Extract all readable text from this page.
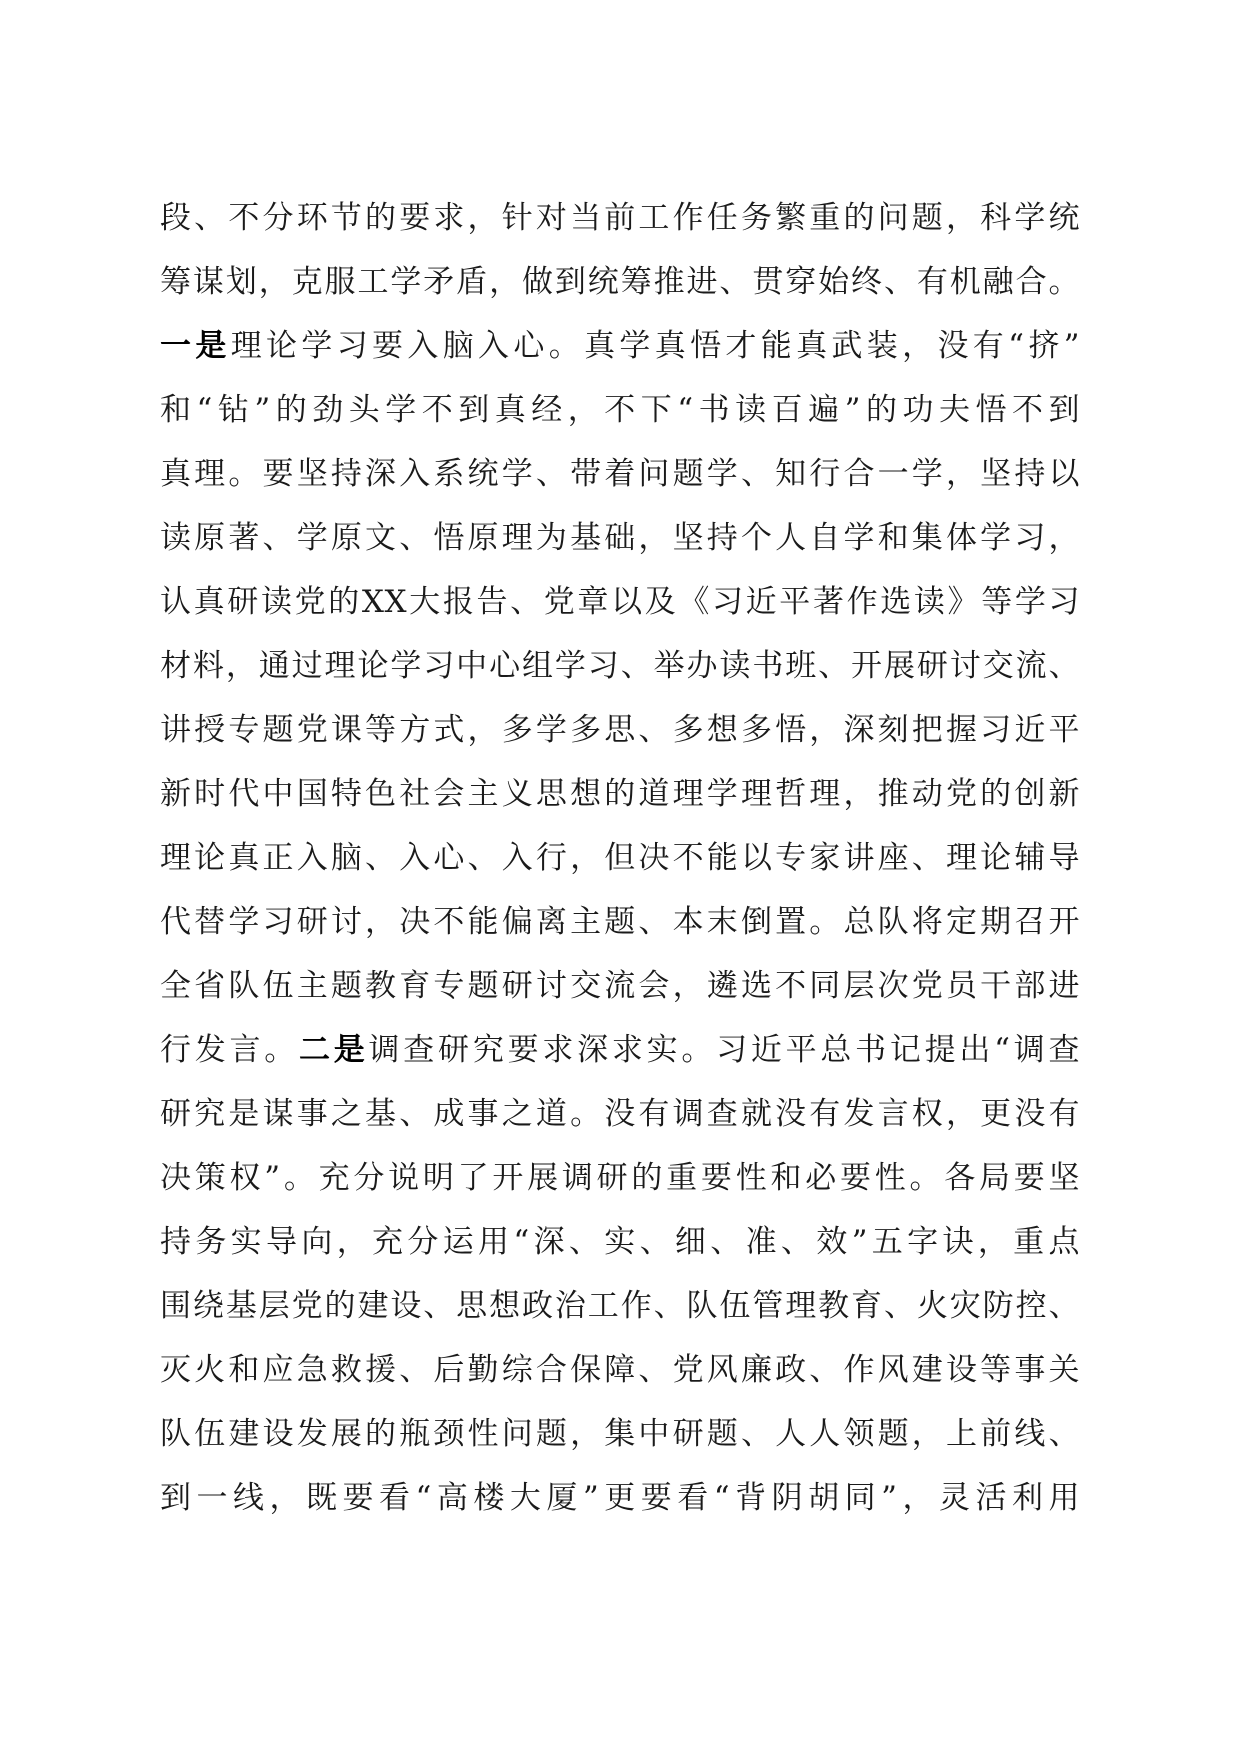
段、不分环节的要求，针对当前工作任务繁重的问题，科学统
筹谋划，克服工学矛盾，做到统筹推进、贯穿始终、有机融合。
一是理论学习要入脑入心。真学真悟才能真武装，没有“挤”
和“钻”的劲头学不到真经，不下“书读百遍”的功夫悟不到
真理。要坚持深入系统学、带着问题学、知行合一学，坚持以
读原著、学原文、悟原理为基础，坚持个人自学和集体学习，
认真研读党的XX大报告、党章以及《习近平著作选读》等学习
材料，通过理论学习中心组学习、举办读书班、开展研讨交流、
讲授专题党课等方式，多学多思、多想多悟，深刻把握习近平
新时代中国特色社会主义思想的道理学理哲理，推动党的创新
理论真正入脑、入心、入行，但决不能以专家讲座、理论辅导
代替学习研讨，决不能偏离主题、本末倒置。总队将定期召开
全省队伍主题教育专题研讨交流会，遴选不同层次党员干部进
行发言。二是调查研究要求深求实。习近平总书记提出“调查
研究是谋事之基、成事之道。没有调查就没有发言权，更没有
决策权”。充分说明了开展调研的重要性和必要性。各局要坚
持务实导向，充分运用“深、实、细、准、效”五字诀，重点
围绕基层党的建设、思想政治工作、队伍管理教育、火灾防控、
灭火和应急救援、后勤综合保障、党风廉政、作风建设等事关
队伍建设发展的瓶颈性问题，集中研题、人人领题，上前线、
到一线，既要看“高楼大厦”更要看“背阴胡同”，灵活利用
